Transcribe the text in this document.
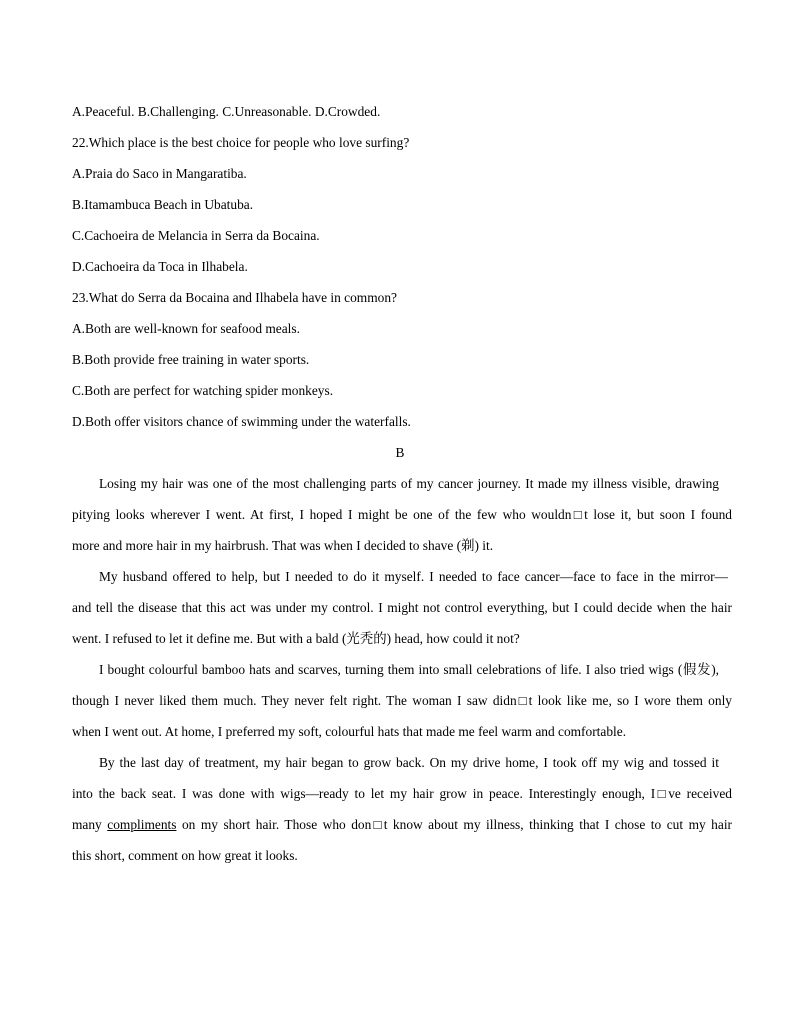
A.Peaceful. B.Challenging. C.Unreasonable. D.Crowded.
22.Which place is the best choice for people who love surfing?
A.Praia do Saco in Mangaratiba.
B.Itamambuca Beach in Ubatuba.
C.Cachoeira de Melancia in Serra da Bocaina.
D.Cachoeira da Toca in Ilhabela.
23.What do Serra da Bocaina and Ilhabela have in common?
A.Both are well-known for seafood meals.
B.Both provide free training in water sports.
C.Both are perfect for watching spider monkeys.
D.Both offer visitors chance of swimming under the waterfalls.
B
Losing my hair was one of the most challenging parts of my cancer journey. It made my illness visible, drawing
pitying looks wherever I went. At first, I hoped I might be one of the few who wouldn□t lose it, but soon I found
more and more hair in my hairbrush. That was when I decided to shave (剃) it.
My husband offered to help, but I needed to do it myself. I needed to face cancer—face to face in the mirror—
and tell the disease that this act was under my control. I might not control everything, but I could decide when the hair
went. I refused to let it define me. But with a bald (光秃的) head, how could it not?
I bought colourful bamboo hats and scarves, turning them into small celebrations of life. I also tried wigs (假发),
though I never liked them much. They never felt right. The woman I saw didn□t look like me, so I wore them only
when I went out. At home, I preferred my soft, colourful hats that made me feel warm and comfortable.
By the last day of treatment, my hair began to grow back. On my drive home, I took off my wig and tossed it
into the back seat. I was done with wigs—ready to let my hair grow in peace. Interestingly enough, I□ve received
many compliments on my short hair. Those who don□t know about my illness, thinking that I chose to cut my hair
this short, comment on how great it looks.
